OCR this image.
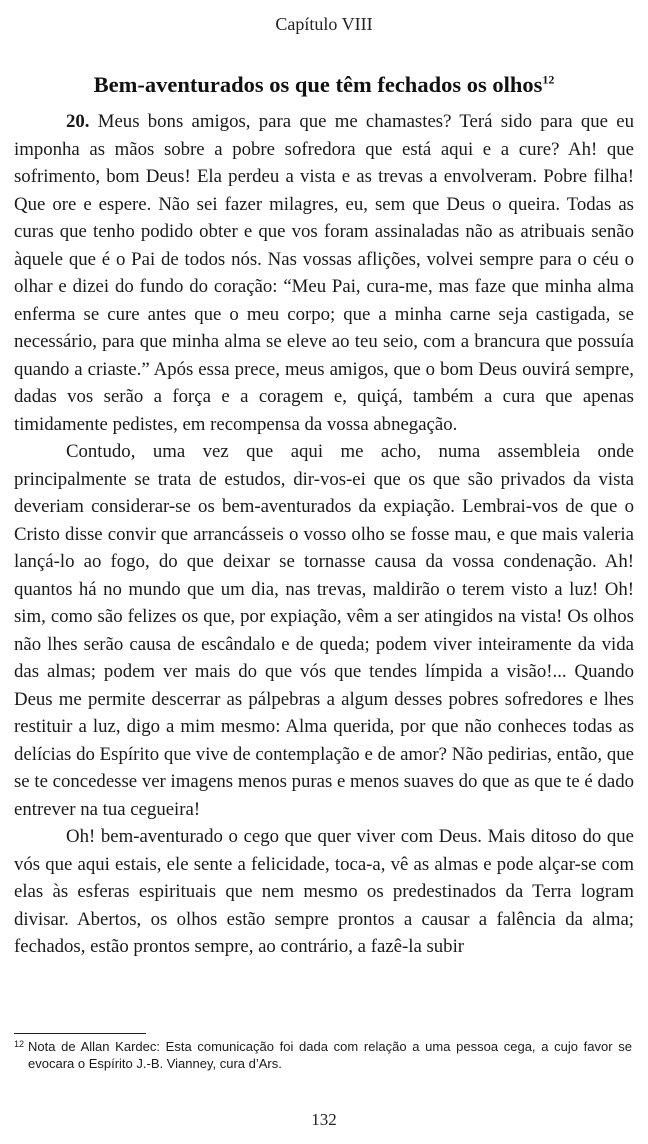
Capítulo VIII
Bem-aventurados os que têm fechados os olhos$^{12}$

20. Meus bons amigos, para que me chamastes? Terá sido para que eu imponha as mãos sobre a pobre sofredora que está aqui e a cure? Ah! que sofrimento, bom Deus! Ela perdeu a vista e as trevas a envolveram. Pobre filha! Que ore e espere. Não sei fazer milagres, eu, sem que Deus o queira. Todas as curas que tenho podido obter e que vos foram assinaladas não as atribuais senão àquele que é o Pai de todos nós. Nas vossas aflições, volvei sempre para o céu o olhar e dizei do fundo do coração: “Meu Pai, cura-me, mas faze que minha alma enferma se cure antes que o meu corpo; que a minha carne seja castigada, se necessário, para que minha alma se eleve ao teu seio, com a brancura que possuía quando a criaste.” Após essa prece, meus amigos, que o bom Deus ouvirá sempre, dadas vos serão a força e a coragem e, quiçá, também a cura que apenas timidamente pedistes, em recompensa da vossa abnegação.

Contudo, uma vez que aqui me acho, numa assembleia onde principalmente se trata de estudos, dir-vos-ei que os que são privados da vista deveriam considerar-se os bem-aventurados da expiação. Lembrai-vos de que o Cristo disse convir que arrancásseis o vosso olho se fosse mau, e que mais valeria lançá-lo ao fogo, do que deixar se tornasse causa da vossa condenação. Ah! quantos há no mundo que um dia, nas trevas, maldirão o terem visto a luz! Oh! sim, como são felizes os que, por expiação, vêm a ser atingidos na vista! Os olhos não lhes serão causa de escândalo e de queda; podem viver inteiramente da vida das almas; podem ver mais do que vós que tendes límpida a visão!... Quando Deus me permite descerrar as pálpebras a algum desses pobres sofredores e lhes restituir a luz, digo a mim mesmo: Alma querida, por que não conheces todas as delícias do Espírito que vive de contemplação e de amor? Não pedirias, então, que se te concedesse ver imagens menos puras e menos suaves do que as que te é dado entrever na tua cegueira!

Oh! bem-aventurado o cego que quer viver com Deus. Mais ditoso do que vós que aqui estais, ele sente a felicidade, toca-a, vê as almas e pode alçar-se com elas às esferas espirituais que nem mesmo os predestinados da Terra logram divisar. Abertos, os olhos estão sempre prontos a causar a falência da alma; fechados, estão prontos sempre, ao contrário, a fazê-la subir

12 Nota de Allan Kardec: Esta comunicação foi dada com relação a uma pessoa cega, a cujo favor se evocara o Espírito J.-B. Vianney, cura d’Ars.
132
